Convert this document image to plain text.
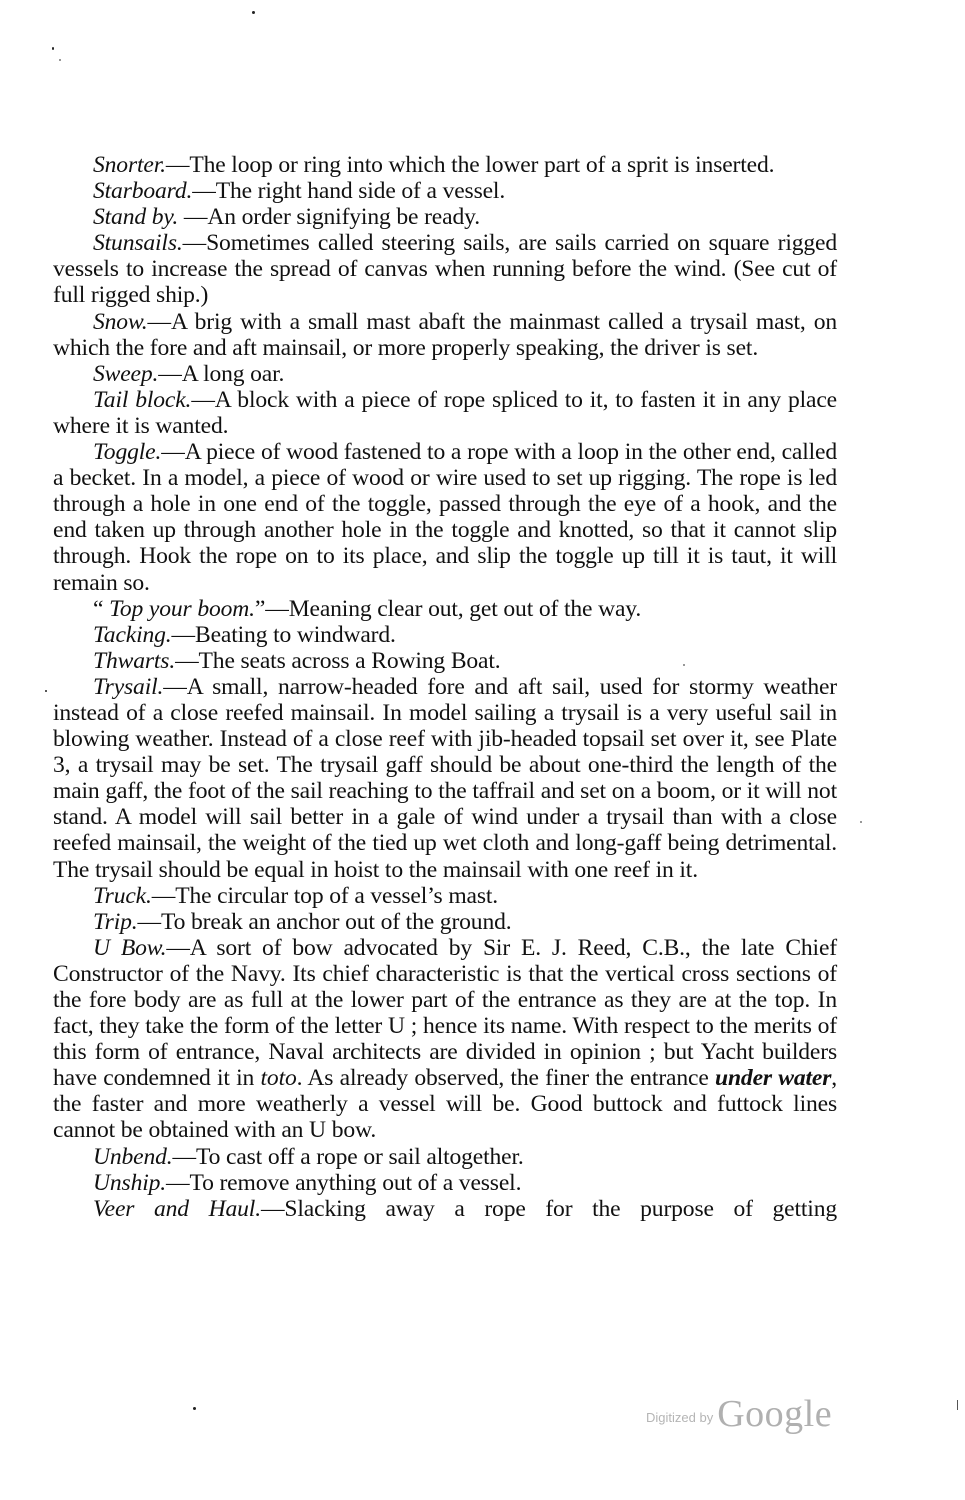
Snorter.—The loop or ring into which the lower part of a sprit is inserted.

Starboard.—The right hand side of a vessel.

Stand by. —An order signifying be ready.

Stunsails.—Sometimes called steering sails, are sails carried on square rigged vessels to increase the spread of canvas when running before the wind. (See cut of full rigged ship.)

Snow.—A brig with a small mast abaft the mainmast called a trysail mast, on which the fore and aft mainsail, or more properly speaking, the driver is set.

Sweep.—A long oar.

Tail block.—A block with a piece of rope spliced to it, to fasten it in any place where it is wanted.

Toggle.—A piece of wood fastened to a rope with a loop in the other end, called a becket. In a model, a piece of wood or wire used to set up rigging. The rope is led through a hole in one end of the toggle, passed through the eye of a hook, and the end taken up through another hole in the toggle and knotted, so that it cannot slip through. Hook the rope on to its place, and slip the toggle up till it is taut, it will remain so.

“ Top your boom.”—Meaning clear out, get out of the way.

Tacking.—Beating to windward.

Thwarts.—The seats across a Rowing Boat.

Trysail.—A small, narrow-headed fore and aft sail, used for stormy weather instead of a close reefed mainsail. In model sailing a trysail is a very useful sail in blowing weather. Instead of a close reef with jib-headed topsail set over it, see Plate 3, a trysail may be set. The trysail gaff should be about one-third the length of the main gaff, the foot of the sail reaching to the taffrail and set on a boom, or it will not stand. A model will sail better in a gale of wind under a trysail than with a close reefed mainsail, the weight of the tied up wet cloth and long-gaff being detrimental. The trysail should be equal in hoist to the mainsail with one reef in it.

Truck.—The circular top of a vessel’s mast.

Trip.—To break an anchor out of the ground.

U Bow.—A sort of bow advocated by Sir E. J. Reed, C.B., the late Chief Constructor of the Navy. Its chief characteristic is that the vertical cross sections of the fore body are as full at the lower part of the entrance as they are at the top. In fact, they take the form of the letter U ; hence its name. With respect to the merits of this form of entrance, Naval architects are divided in opinion ; but Yacht builders have condemned it in toto. As already observed, the finer the entrance under water, the faster and more weatherly a vessel will be. Good buttock and futtock lines cannot be obtained with an U bow.

Unbend.—To cast off a rope or sail altogether.

Unship.—To remove anything out of a vessel.

Veer and Haul.—Slacking away a rope for the purpose of getting

$^{Digitized by}$ Google
